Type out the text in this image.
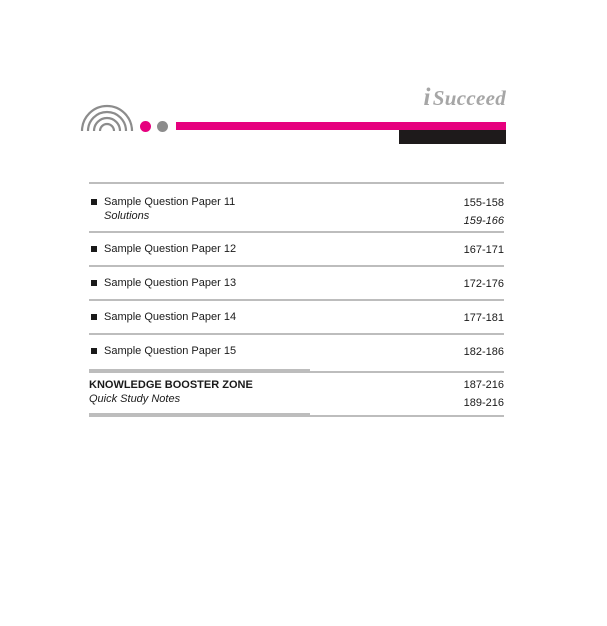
iSucceed
Sample Question Paper 11	155-158
Solutions	159-166
Sample Question Paper 12	167-171
Sample Question Paper 13	172-176
Sample Question Paper 14	177-181
Sample Question Paper 15	182-186
KNOWLEDGE BOOSTER ZONE	187-216
Quick Study Notes	189-216
